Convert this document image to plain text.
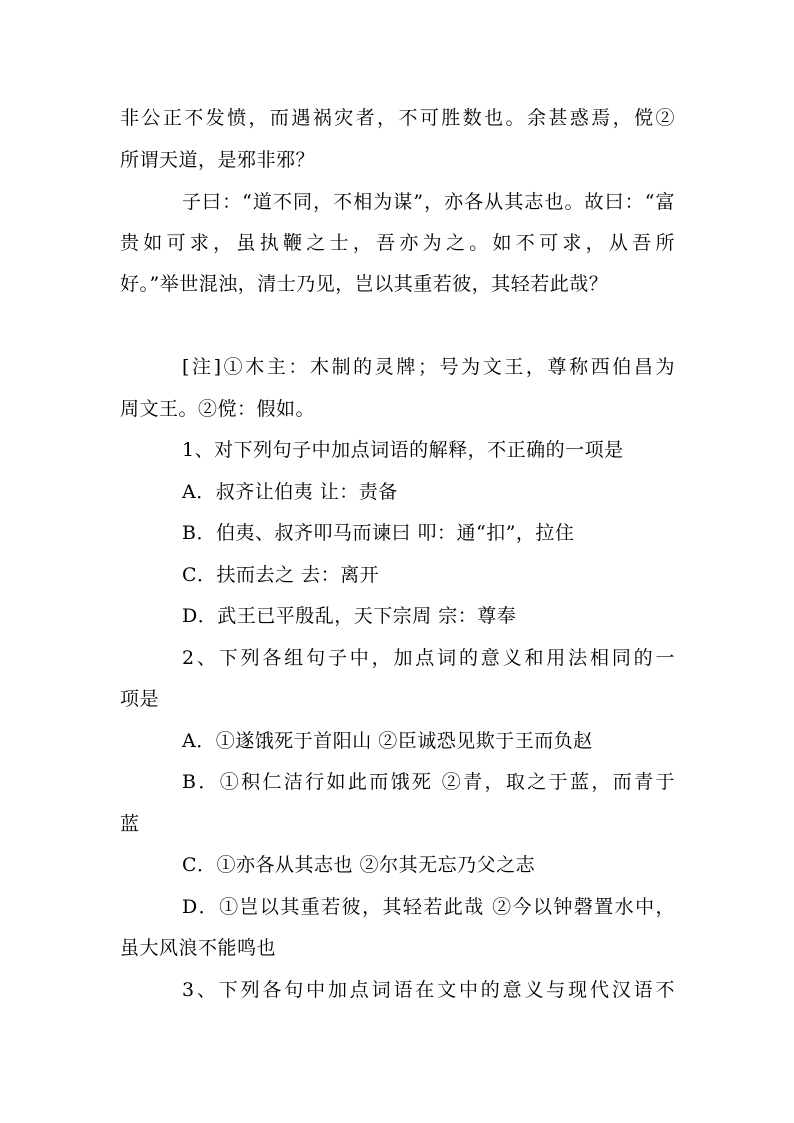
非公正不发愤，而遇祸灾者，不可胜数也。余甚惑焉，傥②
所谓天道，是邪非邪？
子曰：“道不同，不相为谋”，亦各从其志也。故曰：“富
贵如可求，虽执鞭之士，吾亦为之。如不可求，从吾所
好。”举世混浊，清士乃见，岂以其重若彼，其轻若此哉？
[注]①木主：木制的灵牌；号为文王，尊称西伯昌为
周文王。②傥：假如。
1、对下列句子中加点词语的解释，不正确的一项是
A．叔齐让伯夷 让：责备
B．伯夷、叔齐叩马而谏曰 叩：通“扣”，拉住
C．扶而去之 去：离开
D．武王已平殷乱，天下宗周 宗：尊奉
2、下列各组句子中，加点词的意义和用法相同的一
项是
A．①遂饿死于首阳山 ②臣诚恐见欺于王而负赵
B．①积仁洁行如此而饿死 ②青，取之于蓝，而青于
蓝
C．①亦各从其志也 ②尔其无忘乃父之志
D．①岂以其重若彼，其轻若此哉 ②今以钟磬置水中，
虽大风浪不能鸣也
3、下列各句中加点词语在文中的意义与现代汉语不
